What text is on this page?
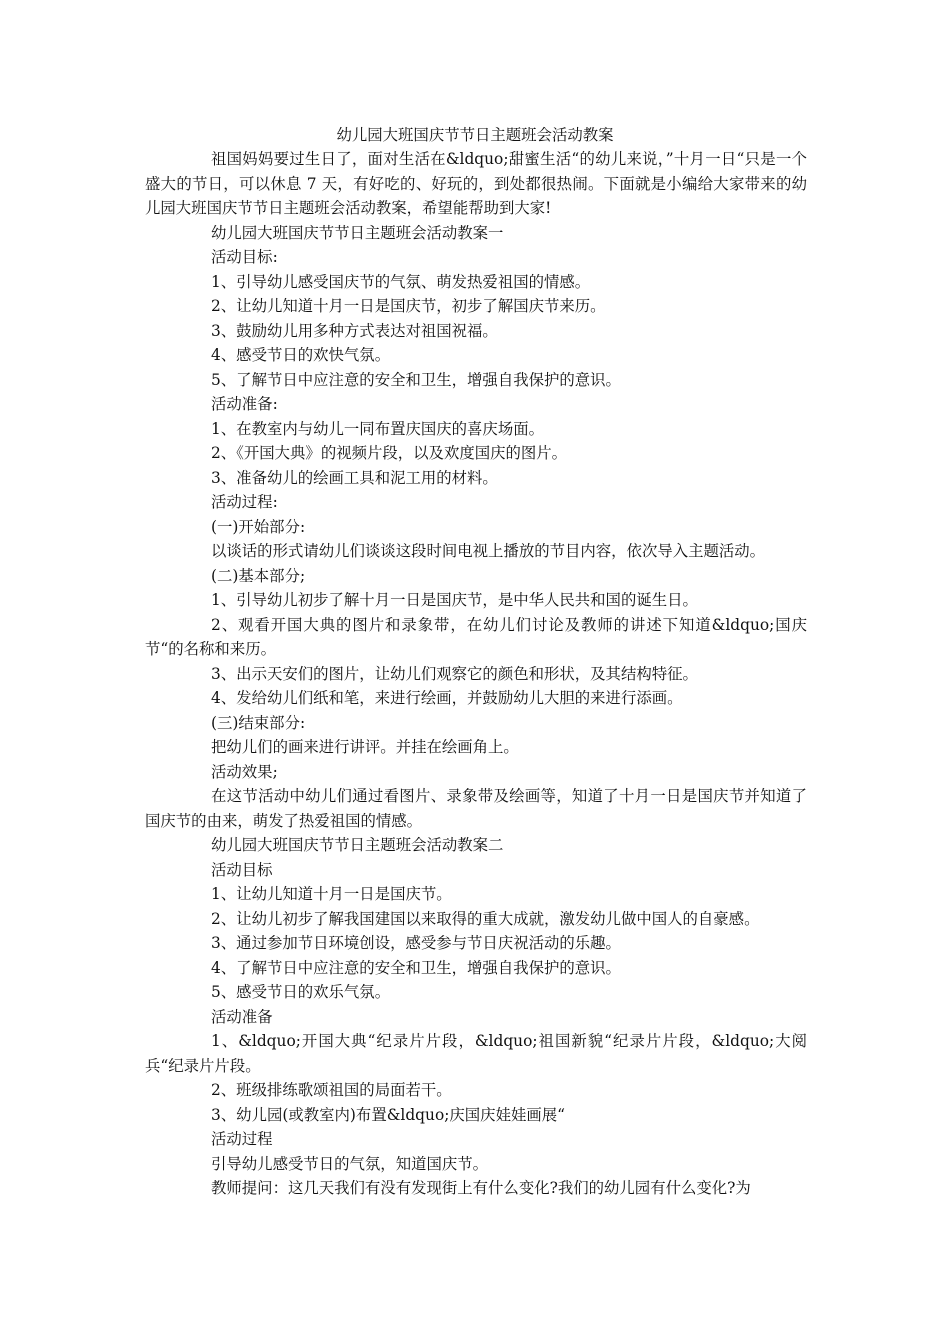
幼儿园大班国庆节节日主题班会活动教案

祖国妈妈要过生日了，面对生活在&ldquo;甜蜜生活“的幼儿来说，”十月一日“只是一个盛大的节日，可以休息 7 天，有好吃的、好玩的，到处都很热闹。下面就是小编给大家带来的幼儿园大班国庆节节日主题班会活动教案，希望能帮助到大家!

幼儿园大班国庆节节日主题班会活动教案一

活动目标:

1、引导幼儿感受国庆节的气氛、萌发热爱祖国的情感。

2、让幼儿知道十月一日是国庆节，初步了解国庆节来历。

3、鼓励幼儿用多种方式表达对祖国祝福。

4、感受节日的欢快气氛。

5、了解节日中应注意的安全和卫生，增强自我保护的意识。

活动准备:

1、在教室内与幼儿一同布置庆国庆的喜庆场面。

2、《开国大典》的视频片段，以及欢度国庆的图片。

3、准备幼儿的绘画工具和泥工用的材料。

活动过程:

(一)开始部分:

以谈话的形式请幼儿们谈谈这段时间电视上播放的节目内容，依次导入主题活动。

(二)基本部分;

1、引导幼儿初步了解十月一日是国庆节，是中华人民共和国的诞生日。

2、观看开国大典的图片和录象带，在幼儿们讨论及教师的讲述下知道&ldquo;国庆节“的名称和来历。

3、出示天安们的图片，让幼儿们观察它的颜色和形状，及其结构特征。

4、发给幼儿们纸和笔，来进行绘画，并鼓励幼儿大胆的来进行添画。

(三)结束部分:

把幼儿们的画来进行讲评。并挂在绘画角上。

活动效果;

在这节活动中幼儿们通过看图片、录象带及绘画等，知道了十月一日是国庆节并知道了国庆节的由来，萌发了热爱祖国的情感。

幼儿园大班国庆节节日主题班会活动教案二

活动目标

1、让幼儿知道十月一日是国庆节。

2、让幼儿初步了解我国建国以来取得的重大成就，激发幼儿做中国人的自豪感。

3、通过参加节日环境创设，感受参与节日庆祝活动的乐趣。

4、了解节日中应注意的安全和卫生，增强自我保护的意识。

5、感受节日的欢乐气氛。

活动准备

1、&ldquo;开国大典“纪录片片段，&ldquo;祖国新貌“纪录片片段，&ldquo;大阅兵“纪录片片段。

2、班级排练歌颂祖国的局面若干。

3、幼儿园(或教室内)布置&ldquo;庆国庆娃娃画展“

活动过程

引导幼儿感受节日的气氛，知道国庆节。

教师提问：这几天我们有没有发现街上有什么变化?我们的幼儿园有什么变化?为
